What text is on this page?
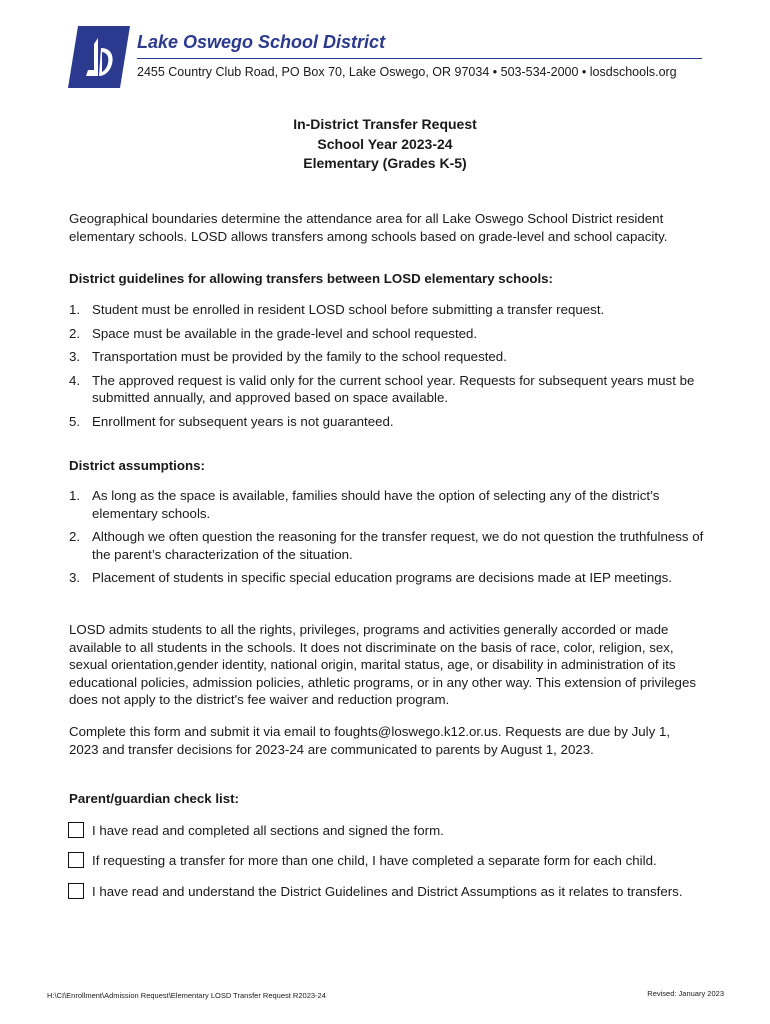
Lake Oswego School District
2455 Country Club Road, PO Box 70, Lake Oswego, OR 97034 • 503-534-2000 • losdschools.org
In-District Transfer Request
School Year 2023-24
Elementary (Grades K-5)
Geographical boundaries determine the attendance area for all Lake Oswego School District resident elementary schools. LOSD allows transfers among schools based on grade-level and school capacity.
District guidelines for allowing transfers between LOSD elementary schools:
1. Student must be enrolled in resident LOSD school before submitting a transfer request.
2. Space must be available in the grade-level and school requested.
3. Transportation must be provided by the family to the school requested.
4. The approved request is valid only for the current school year. Requests for subsequent years must be submitted annually, and approved based on space available.
5. Enrollment for subsequent years is not guaranteed.
District assumptions:
1. As long as the space is available, families should have the option of selecting any of the district’s elementary schools.
2. Although we often question the reasoning for the transfer request, we do not question the truthfulness of the parent’s characterization of the situation.
3. Placement of students in specific special education programs are decisions made at IEP meetings.
LOSD admits students to all the rights, privileges, programs and activities generally accorded or made available to all students in the schools. It does not discriminate on the basis of race, color, religion, sex, sexual orientation,gender identity, national origin, marital status, age, or disability in administration of its educational policies, admission policies, athletic programs, or in any other way. This extension of privileges does not apply to the district's fee waiver and reduction program.
Complete this form and submit it via email to foughts@loswego.k12.or.us. Requests are due by July 1, 2023 and transfer decisions for 2023-24 are communicated to parents by August 1, 2023.
Parent/guardian check list:
I have read and completed all sections and signed the form.
If requesting a transfer for more than one child, I have completed a separate form for each child.
I have read and understand the District Guidelines and District Assumptions as it relates to transfers.
H:\CI\Enrollment\Admission Request\Elementary LOSD Transfer Request R2023-24	Revised: January 2023
